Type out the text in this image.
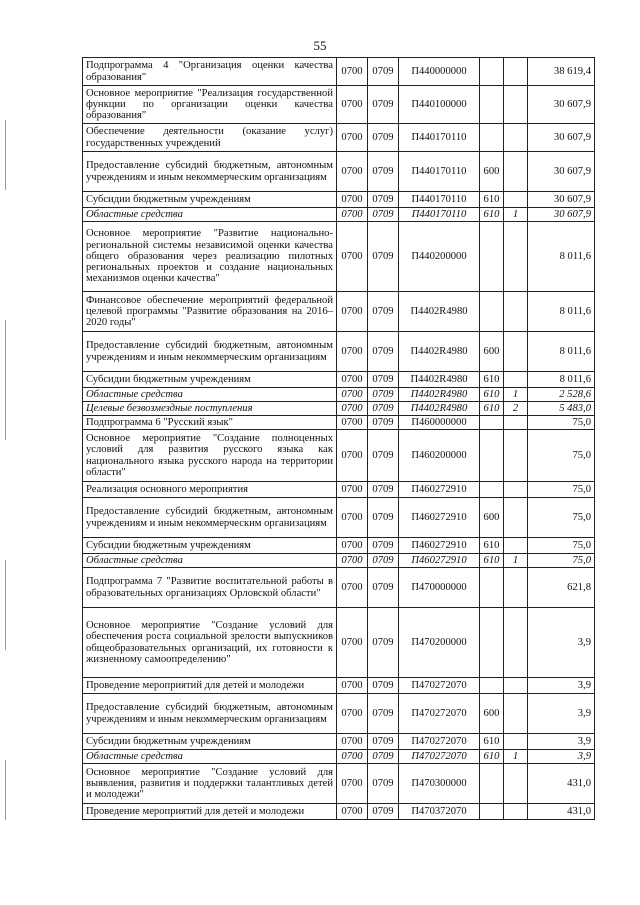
55
Подпрограмма 4 "Организация оценки качества образования"	0700	0709	П440000000			38 619,4
Основное мероприятие "Реализация государственной функции по организации оценки качества образования"	0700	0709	П440100000			30 607,9
Обеспечение деятельности (оказание услуг) государственных учреждений	0700	0709	П440170110			30 607,9
Предоставление субсидий бюджетным, автономным учреждениям и иным некоммерческим организациям	0700	0709	П440170110	600		30 607,9
Субсидии бюджетным учреждениям	0700	0709	П440170110	610		30 607,9
Областные средства	0700	0709	П440170110	610	1	30 607,9
Основное мероприятие "Развитие национально-региональной системы независимой оценки качества общего образования через реализацию пилотных региональных проектов и создание национальных механизмов оценки качества"	0700	0709	П440200000			8 011,6
Финансовое обеспечение мероприятий федеральной целевой программы "Развитие образования на 2016–2020 годы"	0700	0709	П4402R4980			8 011,6
Предоставление субсидий бюджетным, автономным учреждениям и иным некоммерческим организациям	0700	0709	П4402R4980	600		8 011,6
Субсидии бюджетным учреждениям	0700	0709	П4402R4980	610		8 011,6
Областные средства	0700	0709	П4402R4980	610	1	2 528,6
Целевые безвозмездные поступления	0700	0709	П4402R4980	610	2	5 483,0
Подпрограмма 6 "Русский язык"	0700	0709	П460000000			75,0
Основное мероприятие "Создание полноценных условий для развития русского языка как национального языка русского народа на территории области"	0700	0709	П460200000			75,0
Реализация основного мероприятия	0700	0709	П460272910			75,0
Предоставление субсидий бюджетным, автономным учреждениям и иным некоммерческим организациям	0700	0709	П460272910	600		75,0
Субсидии бюджетным учреждениям	0700	0709	П460272910	610		75,0
Областные средства	0700	0709	П460272910	610	1	75,0
Подпрограмма 7 "Развитие воспитательной работы в образовательных организациях Орловской области"	0700	0709	П470000000			621,8
Основное мероприятие "Создание условий для обеспечения роста социальной зрелости выпускников общеобразовательных организаций, их готовности к жизненному самоопределению"	0700	0709	П470200000			3,9
Проведение мероприятий для детей и молодежи	0700	0709	П470272070			3,9
Предоставление субсидий бюджетным, автономным учреждениям и иным некоммерческим организациям	0700	0709	П470272070	600		3,9
Субсидии бюджетным учреждениям	0700	0709	П470272070	610		3,9
Областные средства	0700	0709	П470272070	610	1	3,9
Основное мероприятие "Создание условий для выявления, развития и поддержки талантливых детей и молодежи"	0700	0709	П470300000			431,0
Проведение мероприятий для детей и молодежи	0700	0709	П470372070			431,0
